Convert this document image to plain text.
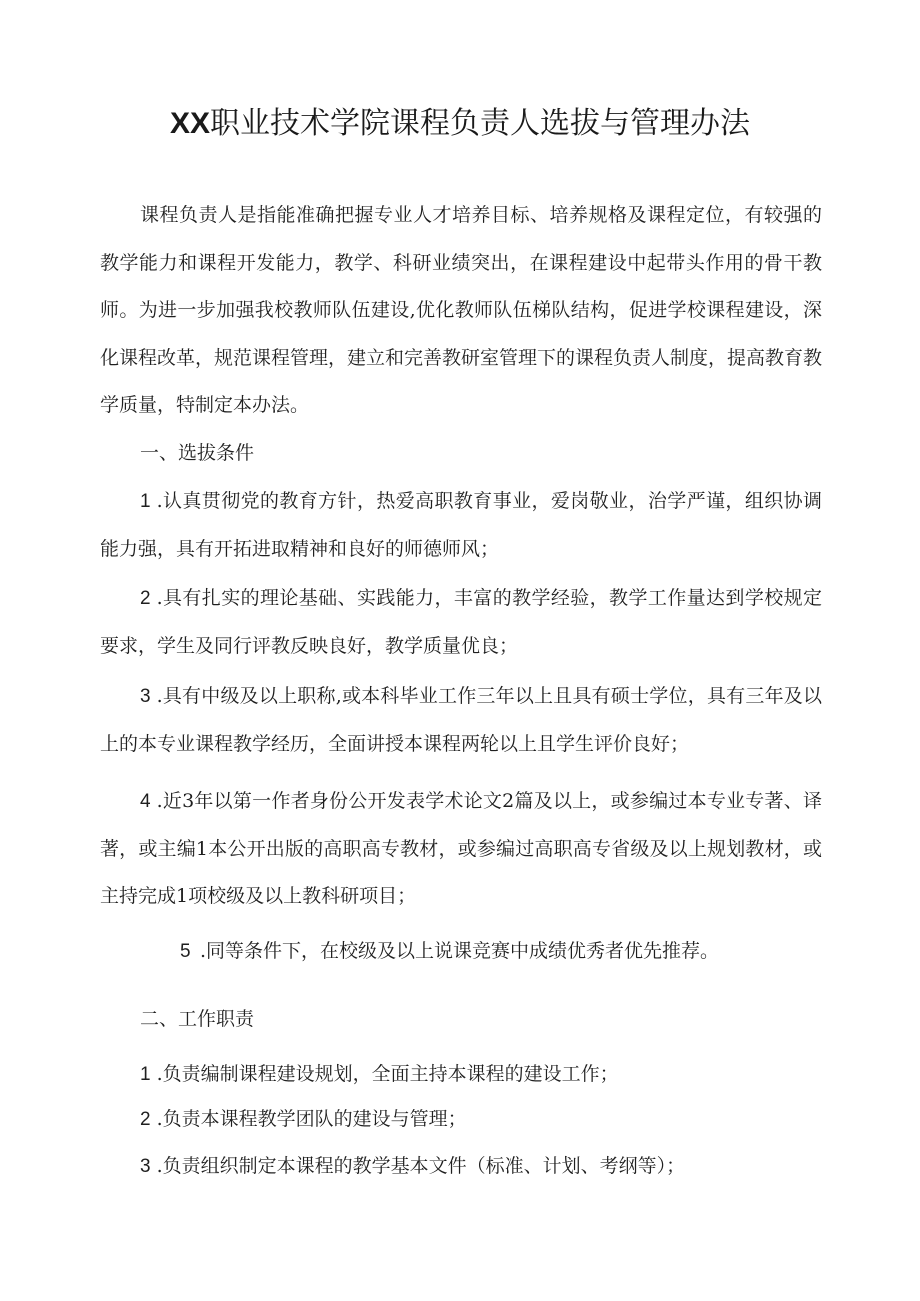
XX职业技术学院课程负责人选拔与管理办法

课程负责人是指能准确把握专业人才培养目标、培养规格及课程定位，有较强的教学能力和课程开发能力，教学、科研业绩突出，在课程建设中起带头作用的骨干教师。为进一步加强我校教师队伍建设,优化教师队伍梯队结构，促进学校课程建设，深化课程改革，规范课程管理，建立和完善教研室管理下的课程负责人制度，提高教育教学质量，特制定本办法。

一、选拔条件

1 .认真贯彻党的教育方针，热爱高职教育事业，爱岗敬业，治学严谨，组织协调能力强，具有开拓进取精神和良好的师德师风；

2 .具有扎实的理论基础、实践能力，丰富的教学经验，教学工作量达到学校规定要求，学生及同行评教反映良好，教学质量优良；

3 .具有中级及以上职称,或本科毕业工作三年以上且具有硕士学位，具有三年及以上的本专业课程教学经历，全面讲授本课程两轮以上且学生评价良好；

4 .近3年以第一作者身份公开发表学术论文2篇及以上，或参编过本专业专著、译著，或主编1本公开出版的高职高专教材，或参编过高职高专省级及以上规划教材，或主持完成1项校级及以上教科研项目；

5 .同等条件下，在校级及以上说课竞赛中成绩优秀者优先推荐。

二、工作职责

1 .负责编制课程建设规划，全面主持本课程的建设工作；

2 .负责本课程教学团队的建设与管理；

3 .负责组织制定本课程的教学基本文件（标准、计划、考纲等）；
